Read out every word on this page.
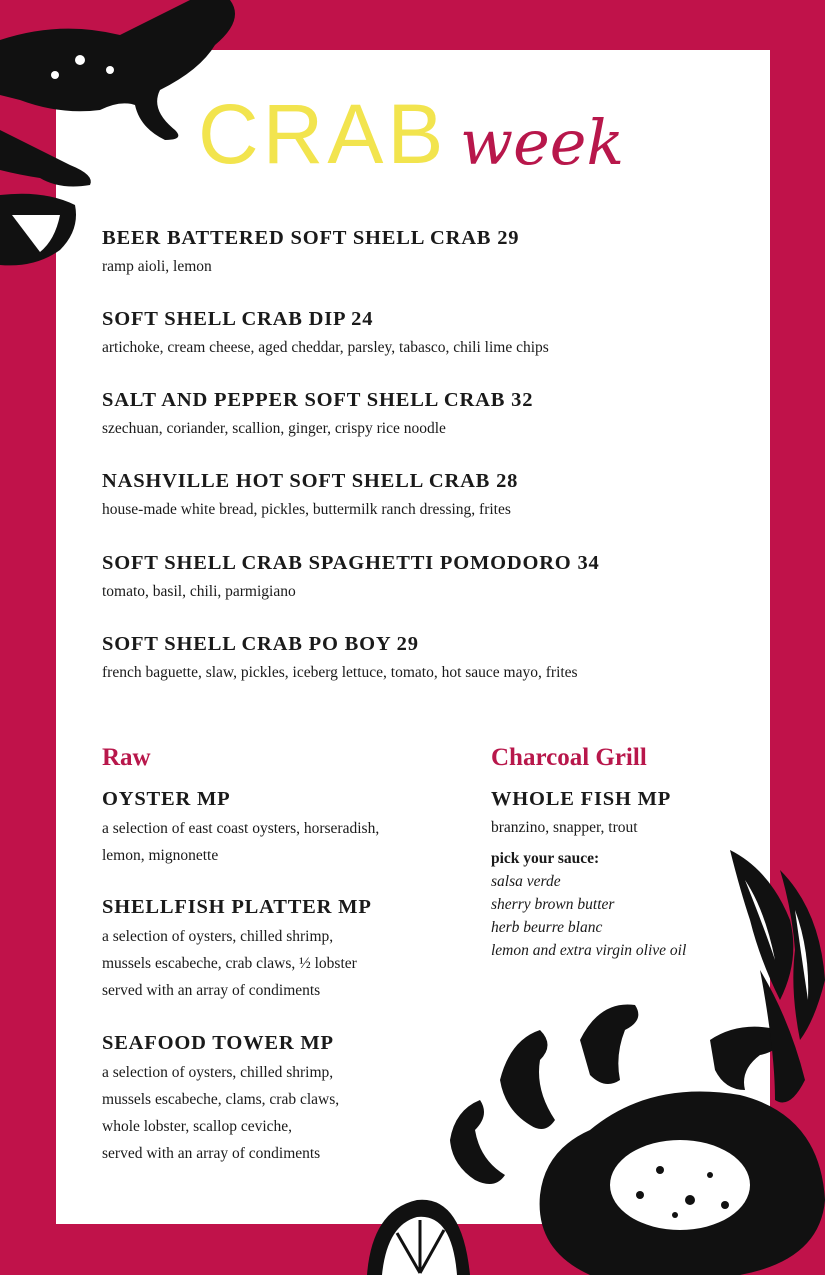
CRAB week
BEER BATTERED SOFT SHELL CRAB 29
ramp aioli, lemon
SOFT SHELL CRAB DIP 24
artichoke, cream cheese, aged cheddar, parsley, tabasco, chili lime chips
SALT AND PEPPER SOFT SHELL CRAB 32
szechuan, coriander, scallion, ginger, crispy rice noodle
NASHVILLE HOT SOFT SHELL CRAB 28
house-made white bread, pickles, buttermilk ranch dressing, frites
SOFT SHELL CRAB SPAGHETTI POMODORO 34
tomato, basil, chili, parmigiano
SOFT SHELL CRAB PO BOY 29
french baguette, slaw, pickles, iceberg lettuce, tomato, hot sauce mayo, frites
Raw
OYSTER MP
a selection of east coast oysters, horseradish,
lemon, mignonette
SHELLFISH PLATTER MP
a selection of oysters, chilled shrimp,
mussels escabeche, crab claws, ½ lobster
served with an array of condiments
SEAFOOD TOWER MP
a selection of oysters, chilled shrimp,
mussels escabeche, clams, crab claws,
whole lobster, scallop ceviche,
served with an array of condiments
Charcoal Grill
WHOLE FISH MP
branzino, snapper, trout
pick your sauce:
salsa verde
sherry brown butter
herb beurre blanc
lemon and extra virgin olive oil
